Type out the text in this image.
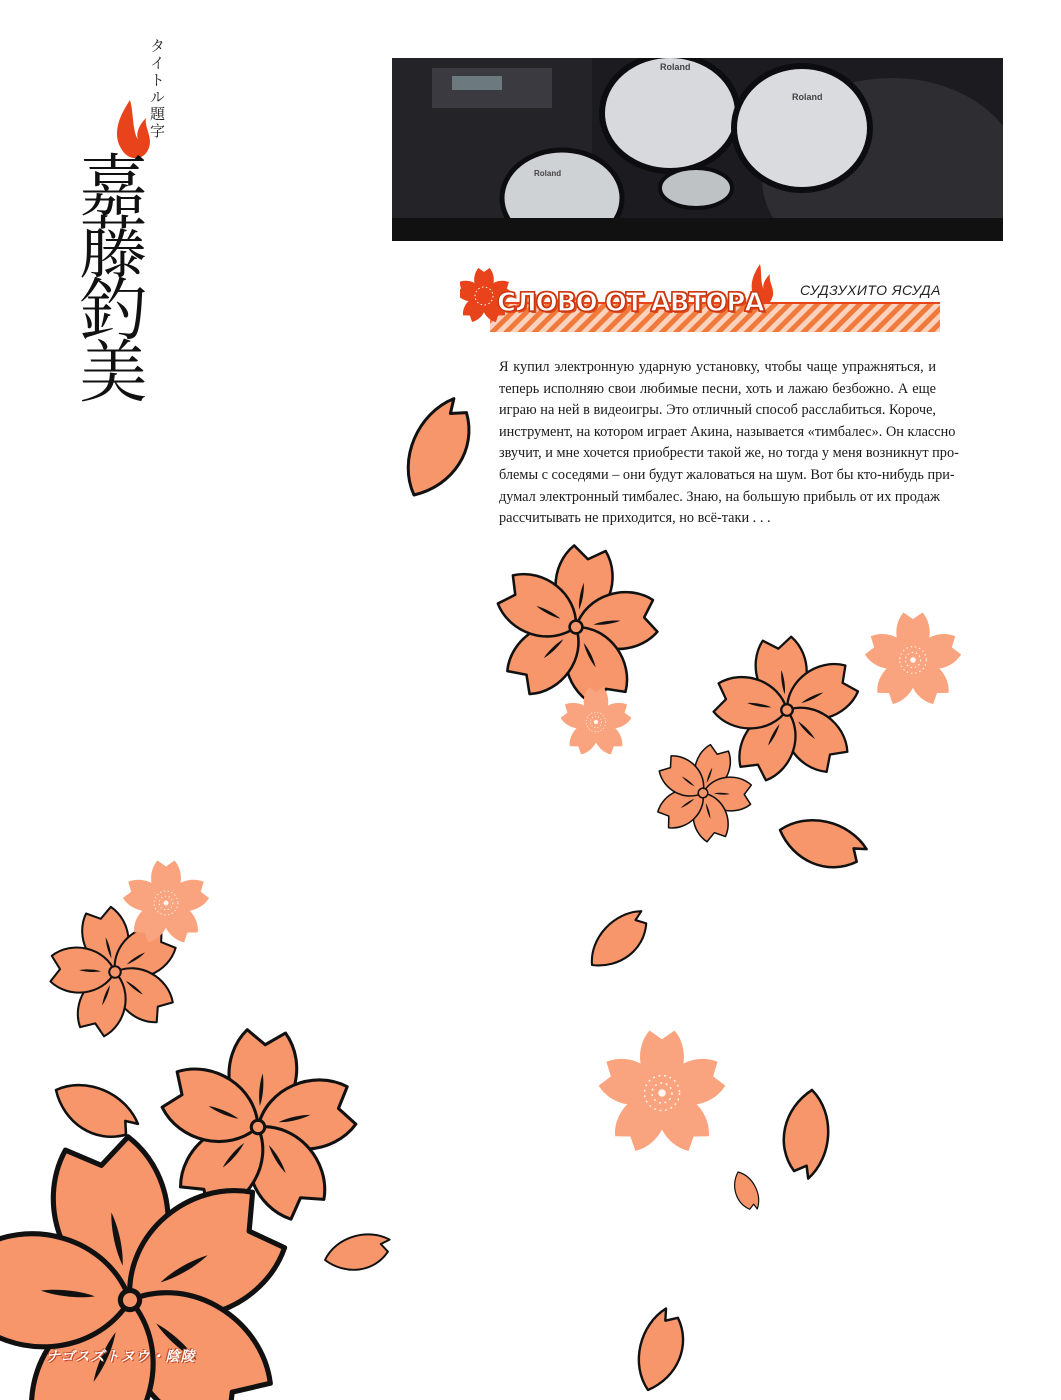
タイトル題字
嘉藤釣美
Roland
Roland
Roland
СЛОВО ОТ АВТОРА	СУДЗУХИТО ЯСУДА
Я купил электронную ударную установку, чтобы чаще упражняться, и
теперь исполняю свои любимые песни, хоть и лажаю безбожно. А еще
играю на ней в видеоигры. Это отличный способ расслабиться. Короче,
инструмент, на котором играет Акина, называется «тимбалес». Он классно
звучит, и мне хочется приобрести такой же, но тогда у меня возникнут про-
блемы с соседями – они будут жаловаться на шум. Вот бы кто-нибудь при-
думал электронный тимбалес. Знаю, на большую прибыль от их продаж
рассчитывать не приходится, но всё-таки . . .
ナゴスズトヌウ・陰陵
